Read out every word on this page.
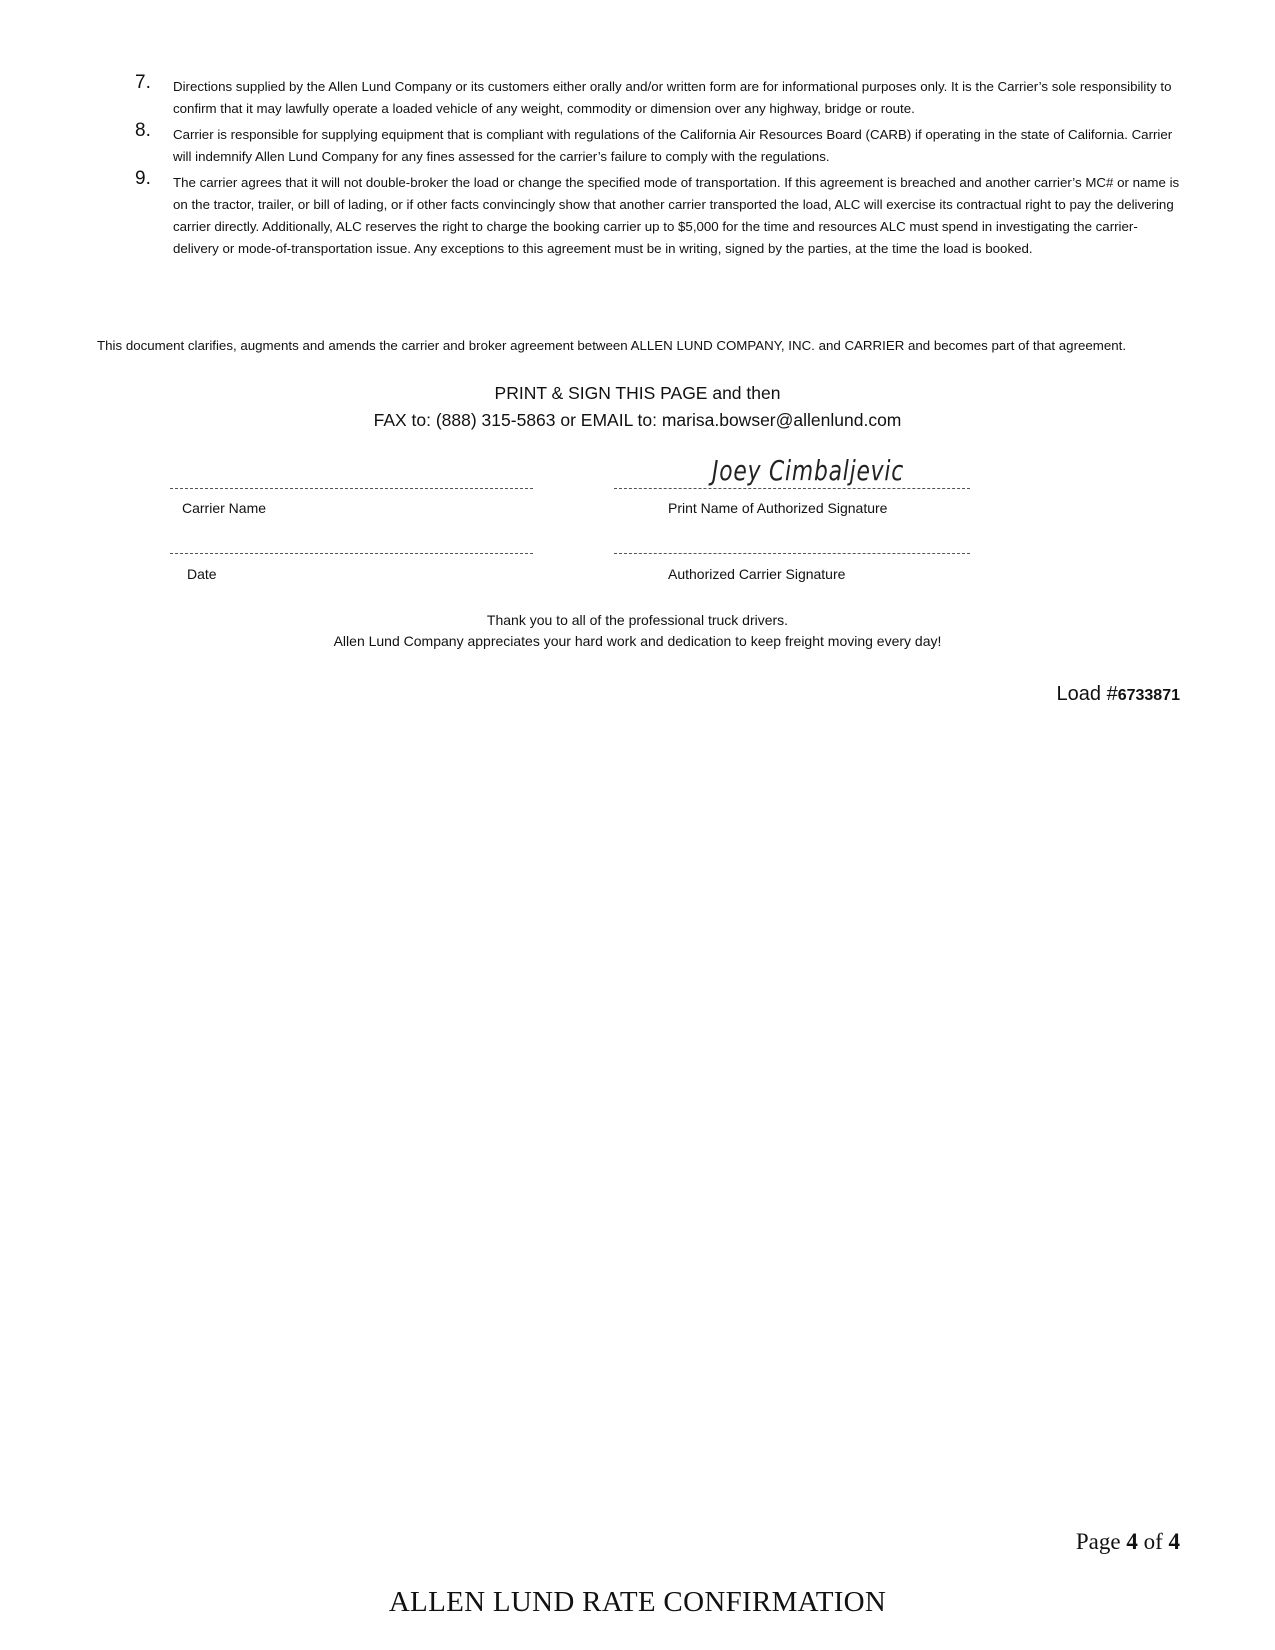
7.	Directions supplied by the Allen Lund Company or its customers either orally and/or written form are for informational purposes only. It is the Carrier’s sole responsibility to confirm that it may lawfully operate a loaded vehicle of any weight, commodity or dimension over any highway, bridge or route.
8.	Carrier is responsible for supplying equipment that is compliant with regulations of the California Air Resources Board (CARB) if operating in the state of California. Carrier will indemnify Allen Lund Company for any fines assessed for the carrier’s failure to comply with the regulations.
9.	The carrier agrees that it will not double-broker the load or change the specified mode of transportation. If this agreement is breached and another carrier’s MC# or name is on the tractor, trailer, or bill of lading, or if other facts convincingly show that another carrier transported the load, ALC will exercise its contractual right to pay the delivering carrier directly. Additionally, ALC reserves the right to charge the booking carrier up to $5,000 for the time and resources ALC must spend in investigating the carrier-delivery or mode-of-transportation issue. Any exceptions to this agreement must be in writing, signed by the parties, at the time the load is booked.
This document clarifies, augments and amends the carrier and broker agreement between ALLEN LUND COMPANY, INC. and CARRIER and becomes part of that agreement.
PRINT & SIGN THIS PAGE and then
FAX to: (888) 315-5863 or EMAIL to: marisa.bowser@allenlund.com
Joey Cimbaljevic
Carrier Name	Print Name of Authorized Signature
Date	Authorized Carrier Signature
Thank you to all of the professional truck drivers.
Allen Lund Company appreciates your hard work and dedication to keep freight moving every day!
Load #6733871
Page 4 of 4
ALLEN LUND RATE CONFIRMATION
